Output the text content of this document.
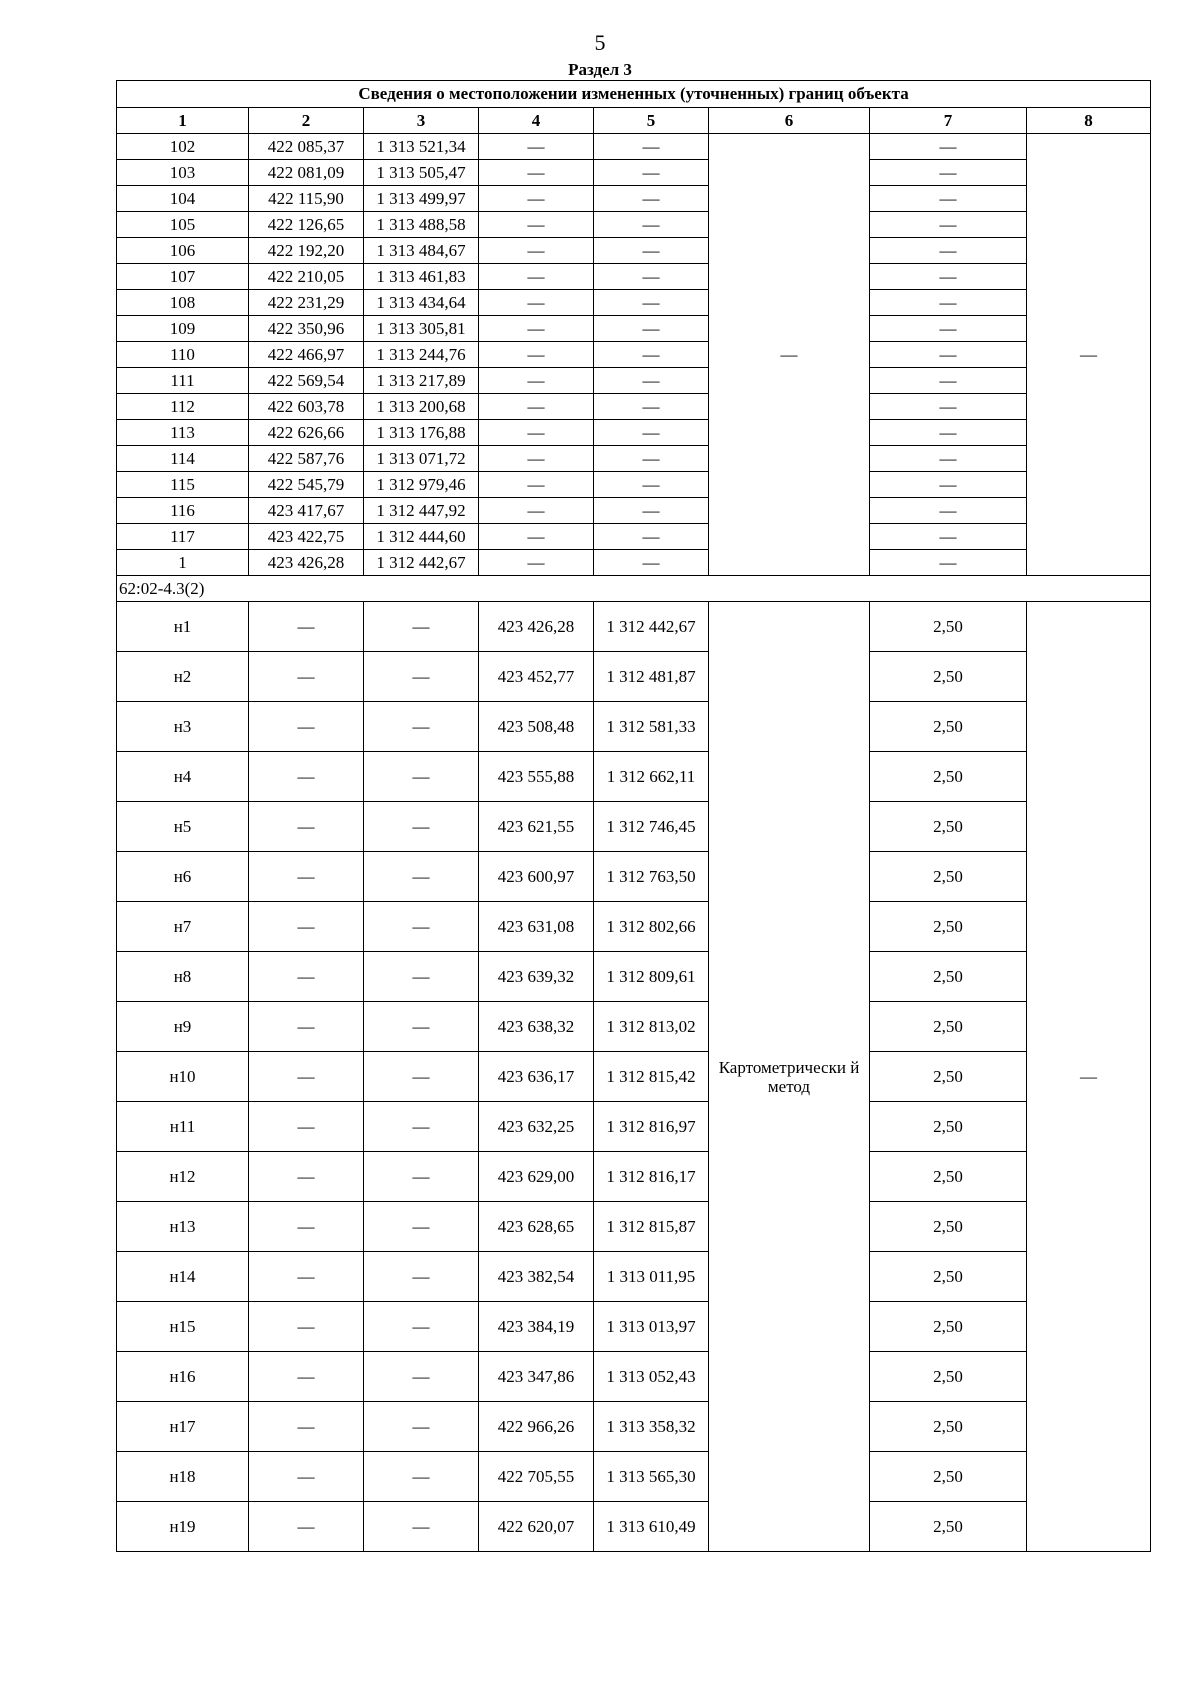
5
Раздел 3
Сведения о местоположении измененных (уточненных) границ объекта							
1	2	3	4	5	6	7	8
102	422 085,37	1 313 521,34	—	—	—	—	—
103	422 081,09	1 313 505,47	—	—		—	
104	422 115,90	1 313 499,97	—	—		—	
105	422 126,65	1 313 488,58	—	—		—	
106	422 192,20	1 313 484,67	—	—		—	
107	422 210,05	1 313 461,83	—	—		—	
108	422 231,29	1 313 434,64	—	—		—	
109	422 350,96	1 313 305,81	—	—		—	
110	422 466,97	1 313 244,76	—	—		—	
111	422 569,54	1 313 217,89	—	—		—	
112	422 603,78	1 313 200,68	—	—		—	
113	422 626,66	1 313 176,88	—	—		—	
114	422 587,76	1 313 071,72	—	—		—	
115	422 545,79	1 312 979,46	—	—		—	
116	423 417,67	1 312 447,92	—	—		—	
117	423 422,75	1 312 444,60	—	—		—	
1	423 426,28	1 312 442,67	—	—		—	
62:02-4.3(2)							
н1	—	—	423 426,28	1 312 442,67	Картометрически й метод	2,50	—
н2	—	—	423 452,77	1 312 481,87		2,50	
н3	—	—	423 508,48	1 312 581,33		2,50	
н4	—	—	423 555,88	1 312 662,11		2,50	
н5	—	—	423 621,55	1 312 746,45		2,50	
н6	—	—	423 600,97	1 312 763,50		2,50	
н7	—	—	423 631,08	1 312 802,66		2,50	
н8	—	—	423 639,32	1 312 809,61		2,50	
н9	—	—	423 638,32	1 312 813,02		2,50	
н10	—	—	423 636,17	1 312 815,42		2,50	
н11	—	—	423 632,25	1 312 816,97		2,50	
н12	—	—	423 629,00	1 312 816,17		2,50	
н13	—	—	423 628,65	1 312 815,87		2,50	
н14	—	—	423 382,54	1 313 011,95		2,50	
н15	—	—	423 384,19	1 313 013,97		2,50	
н16	—	—	423 347,86	1 313 052,43		2,50	
н17	—	—	422 966,26	1 313 358,32		2,50	
н18	—	—	422 705,55	1 313 565,30		2,50	
н19	—	—	422 620,07	1 313 610,49		2,50	
